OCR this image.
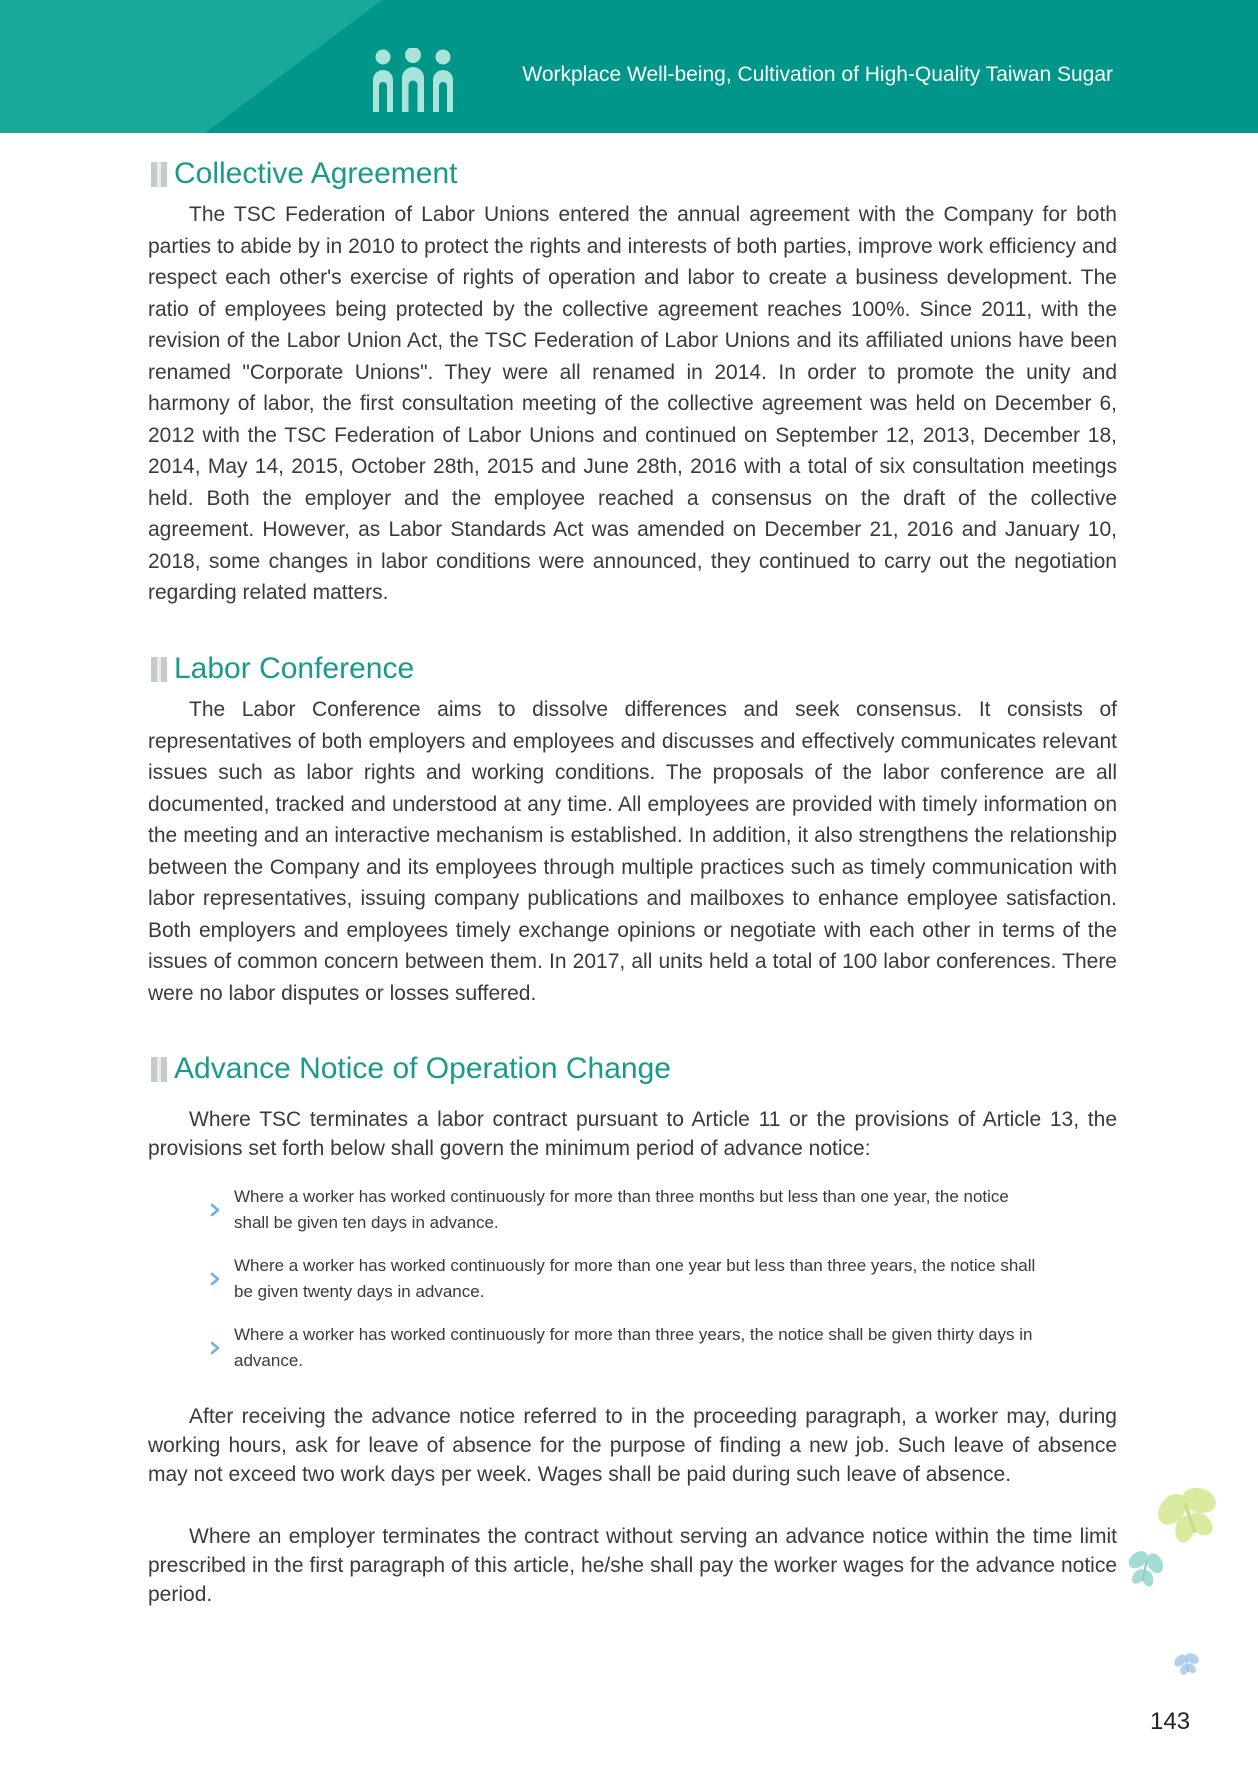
Workplace Well-being, Cultivation of High-Quality Taiwan Sugar
Collective Agreement

The TSC Federation of Labor Unions entered the annual agreement with the Company for both parties to abide by in 2010 to protect the rights and interests of both parties, improve work efficiency and respect each other's exercise of rights of operation and labor to create a business development. The ratio of employees being protected by the collective agreement reaches 100%. Since 2011, with the revision of the Labor Union Act, the TSC Federation of Labor Unions and its affiliated unions have been renamed "Corporate Unions". They were all renamed in 2014. In order to promote the unity and harmony of labor, the first consultation meeting of the collective agreement was held on December 6, 2012 with the TSC Federation of Labor Unions and continued on September 12, 2013, December 18, 2014, May 14, 2015, October 28th, 2015 and June 28th, 2016 with a total of six consultation meetings held. Both the employer and the employee reached a consensus on the draft of the collective agreement. However, as Labor Standards Act was amended on December 21, 2016 and January 10, 2018, some changes in labor conditions were announced, they continued to carry out the negotiation regarding related matters.

Labor Conference

The Labor Conference aims to dissolve differences and seek consensus. It consists of representatives of both employers and employees and discusses and effectively communicates relevant issues such as labor rights and working conditions. The proposals of the labor conference are all documented, tracked and understood at any time. All employees are provided with timely information on the meeting and an interactive mechanism is established. In addition, it also strengthens the relationship between the Company and its employees through multiple practices such as timely communication with labor representatives, issuing company publications and mailboxes to enhance employee satisfaction. Both employers and employees timely exchange opinions or negotiate with each other in terms of the issues of common concern between them. In 2017, all units held a total of 100 labor conferences. There were no labor disputes or losses suffered.

Advance Notice of Operation Change

Where TSC terminates a labor contract pursuant to Article 11 or the provisions of Article 13, the provisions set forth below shall govern the minimum period of advance notice:

Where a worker has worked continuously for more than three months but less than one year, the notice shall be given ten days in advance.
Where a worker has worked continuously for more than one year but less than three years, the notice shall be given twenty days in advance.
Where a worker has worked continuously for more than three years, the notice shall be given thirty days in advance.

After receiving the advance notice referred to in the proceeding paragraph, a worker may, during working hours, ask for leave of absence for the purpose of finding a new job. Such leave of absence may not exceed two work days per week. Wages shall be paid during such leave of absence.

Where an employer terminates the contract without serving an advance notice within the time limit prescribed in the first paragraph of this article, he/she shall pay the worker wages for the advance notice period.

143
